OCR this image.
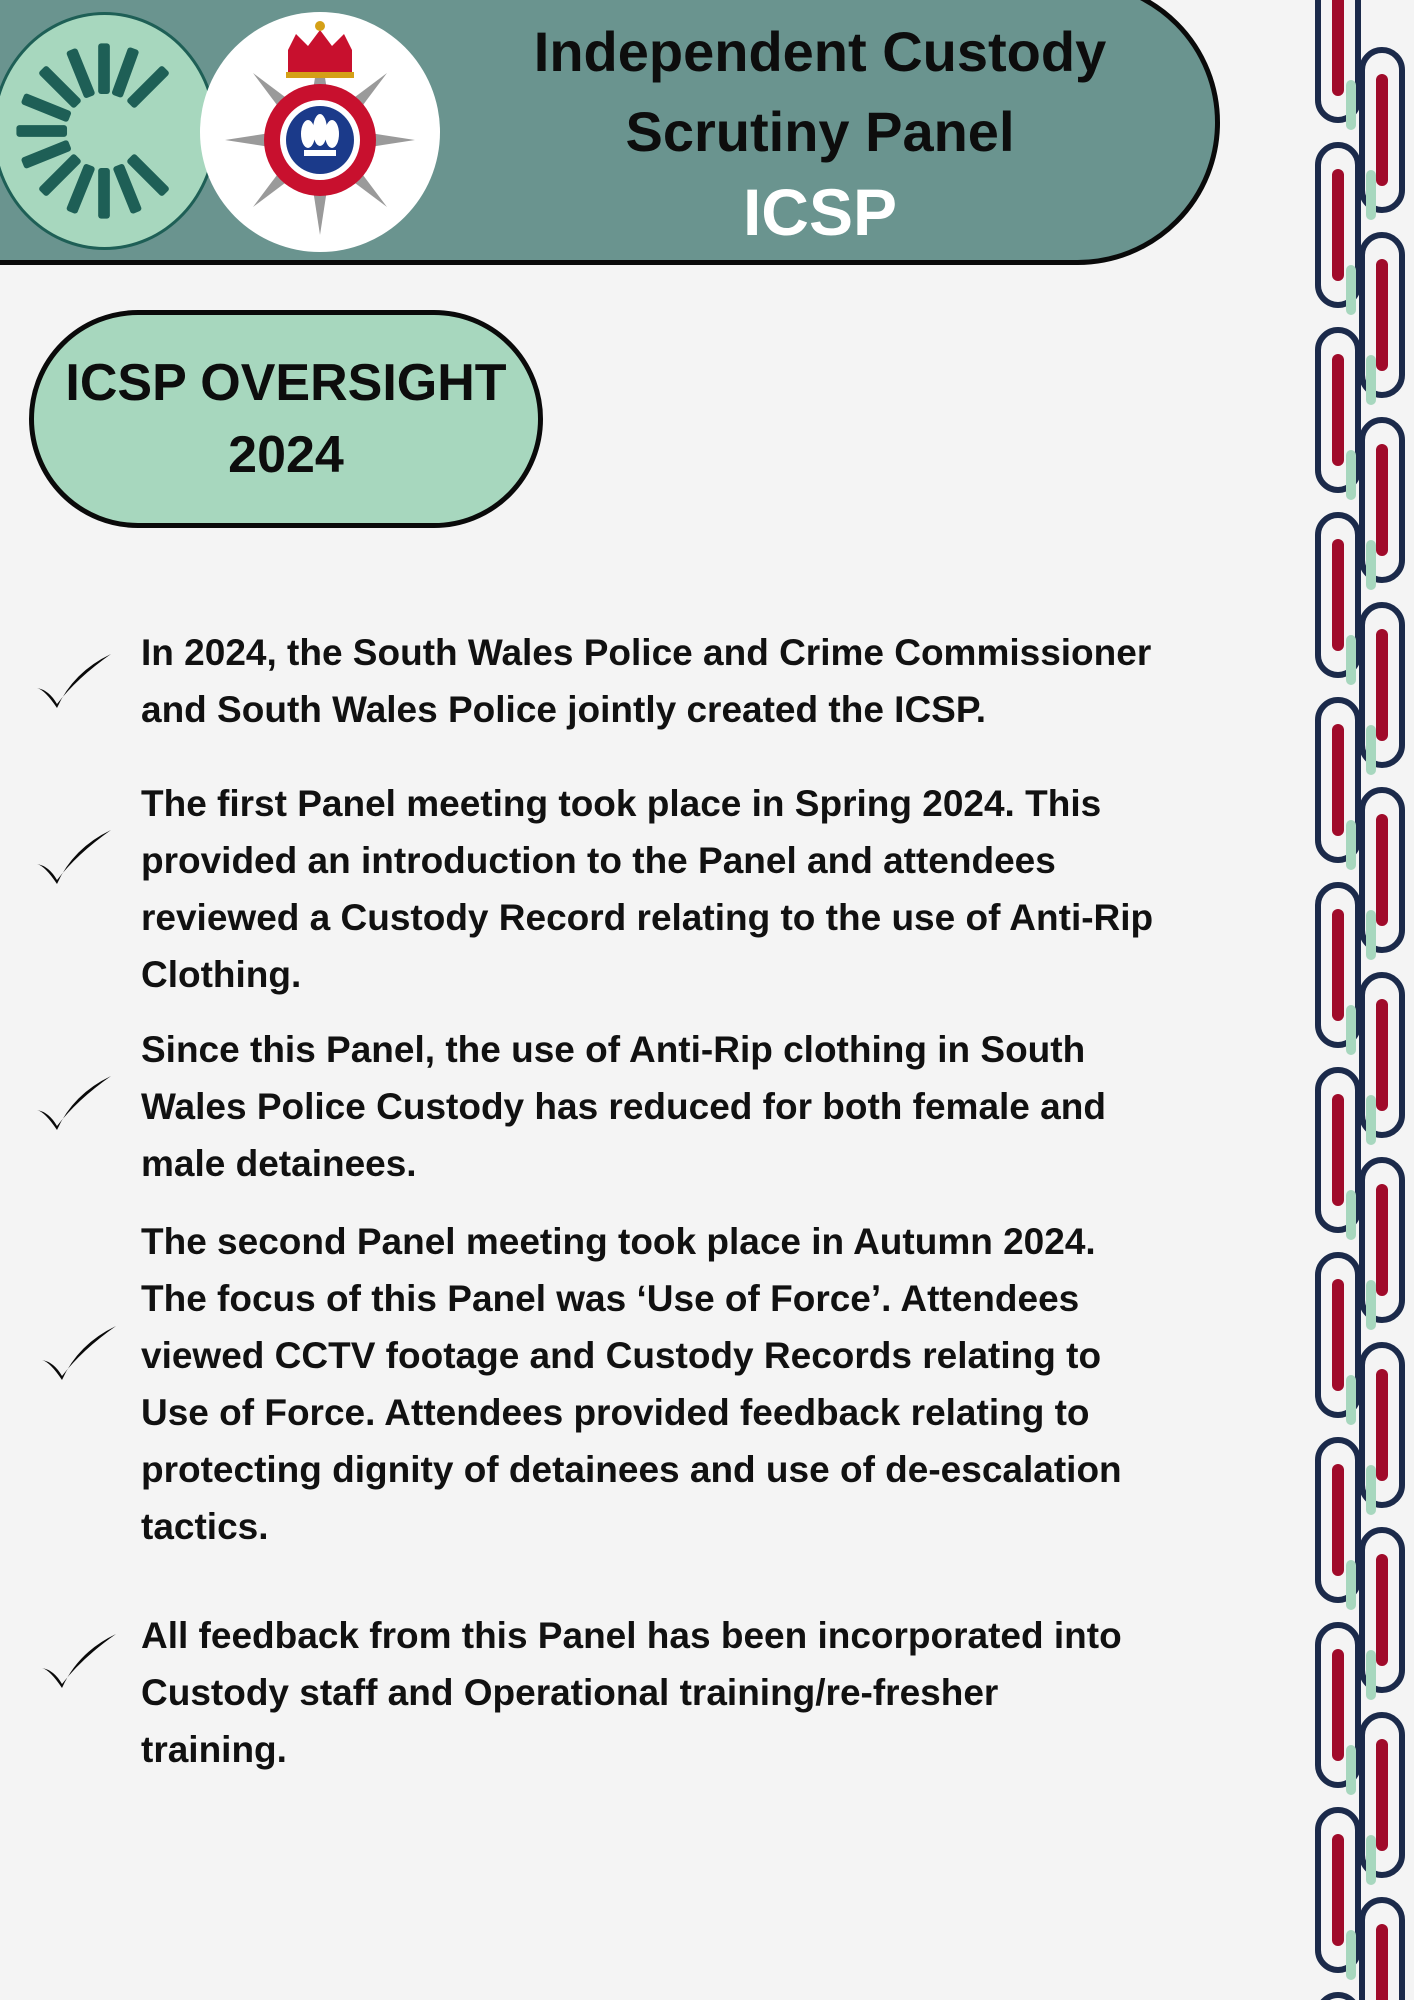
Independent Custody
Scrutiny Panel
ICSP
ICSP OVERSIGHT
2024
In 2024, the South Wales Police and Crime Commissioner
and South Wales Police jointly created the ICSP.
The first Panel meeting took place in Spring 2024. This
provided an introduction to the Panel and attendees
reviewed a Custody Record relating to the use of Anti-Rip
Clothing.
Since this Panel, the use of Anti-Rip clothing in South
Wales Police Custody has reduced for both female and
male detainees.
The second Panel meeting took place in Autumn 2024.
The focus of this Panel was ‘Use of Force’. Attendees
viewed CCTV footage and Custody Records relating to
Use of Force. Attendees provided feedback relating to
protecting dignity of detainees and use of de-escalation
tactics.
All feedback from this Panel has been incorporated into
Custody staff and Operational training/re-fresher
training.
